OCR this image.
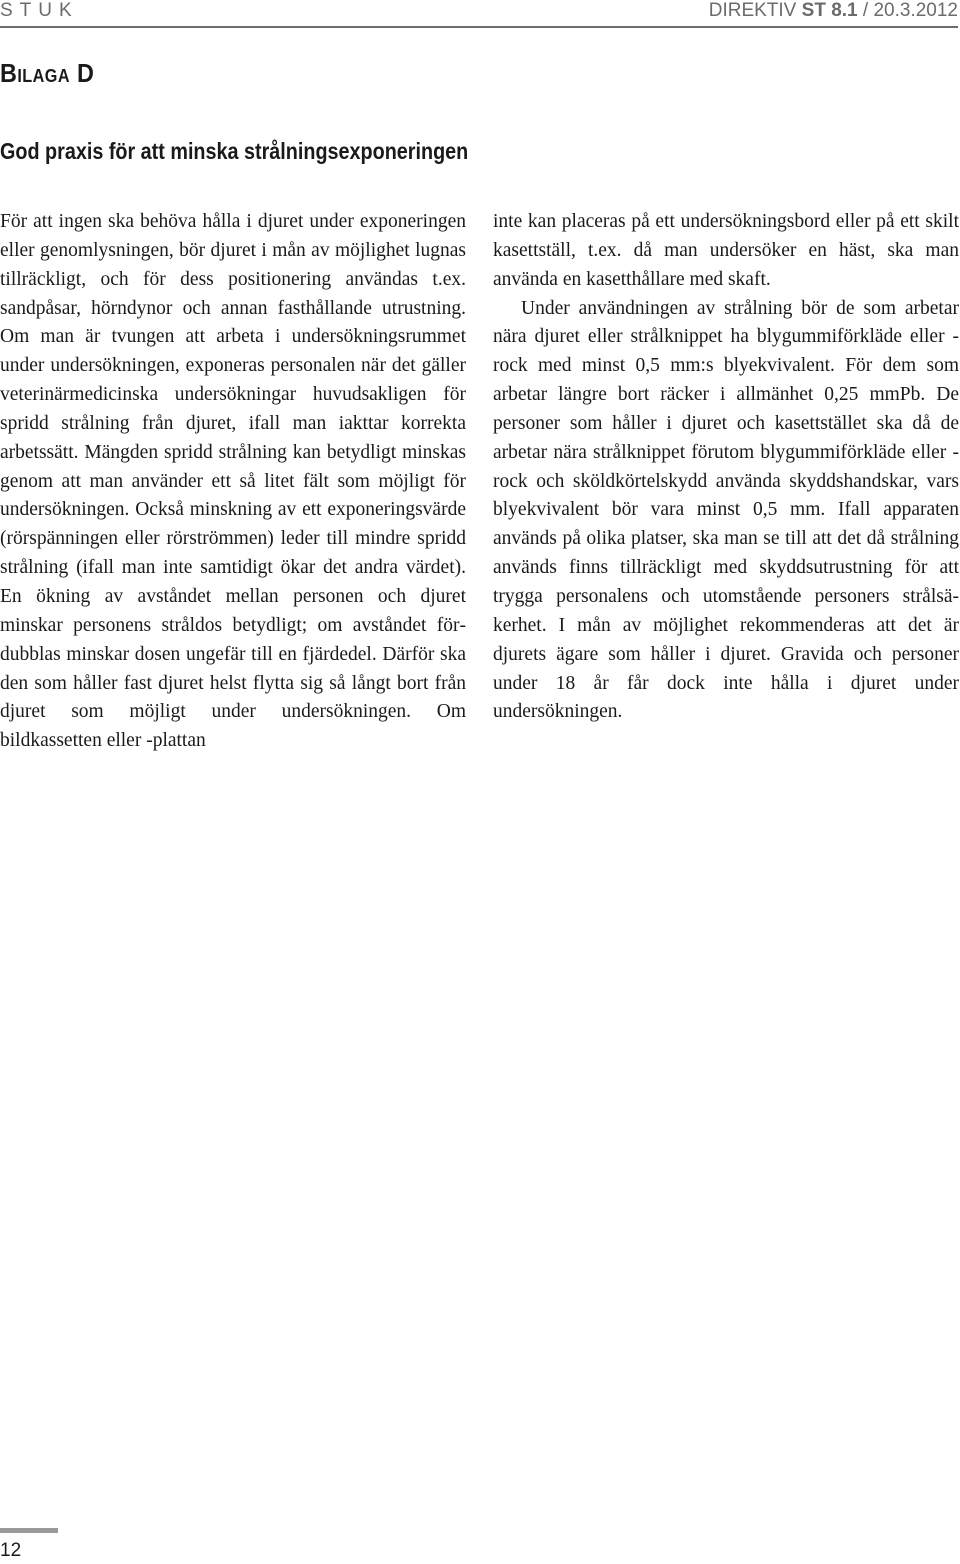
STUK	DIREKTIV ST 8.1 / 20.3.2012
Bilaga D
God praxis för att minska strålningsexponeringen

För att ingen ska behöva hålla i djuret under exponeringen eller genomlysningen, bör djuret i mån av möjlighet lugnas tillräckligt, och för dess positionering användas t.ex. sandpåsar, hörndynor och annan fasthållande utrustning. Om man är tvungen att arbeta i undersökningsrummet under undersökningen, exponeras personalen när det gäller veterinärmedicinska undersökningar huvudsakligen för spridd strålning från djuret, ifall man iakttar korrekta arbetssätt. Mängden spridd strålning kan betydligt minskas genom att man använder ett så litet fält som möjligt för undersökningen. Också minskning av ett exponeringsvärde (rörspänningen eller rörströmmen) leder till mindre spridd strålning (ifall man inte samtidigt ökar det andra värdet). En ökning av avståndet mellan personen och djuret minskar personens stråldos betydligt; om avståndet fördubblas minskar dosen ungefär till en fjärdedel. Därför ska den som håller fast djuret helst flytta sig så långt bort från djuret som möjligt under undersökningen. Om bildkassetten eller -plattan

inte kan placeras på ett undersökningsbord eller på ett skilt kasettställ, t.ex. då man undersöker en häst, ska man använda en kasetthållare med skaft.

Under användningen av strålning bör de som arbetar nära djuret eller strålknippet ha blygummiförkläde eller -rock med minst 0,5 mm:s blyekvivalent. För dem som arbetar längre bort räcker i allmänhet 0,25 mmPb. De personer som håller i djuret och kasettstället ska då de arbetar nära strålknippet förutom blygummiförkläde eller -rock och sköldkörtelskydd använda skyddshandskar, vars blyekvivalent bör vara minst 0,5 mm. Ifall apparaten används på olika platser, ska man se till att det då strålning används finns tillräckligt med skyddsutrustning för att trygga personalens och utomstående personers strålsäkerhet. I mån av möjlighet rekommenderas att det är djurets ägare som håller i djuret. Gravida och personer under 18 år får dock inte hålla i djuret under undersökningen.

12
